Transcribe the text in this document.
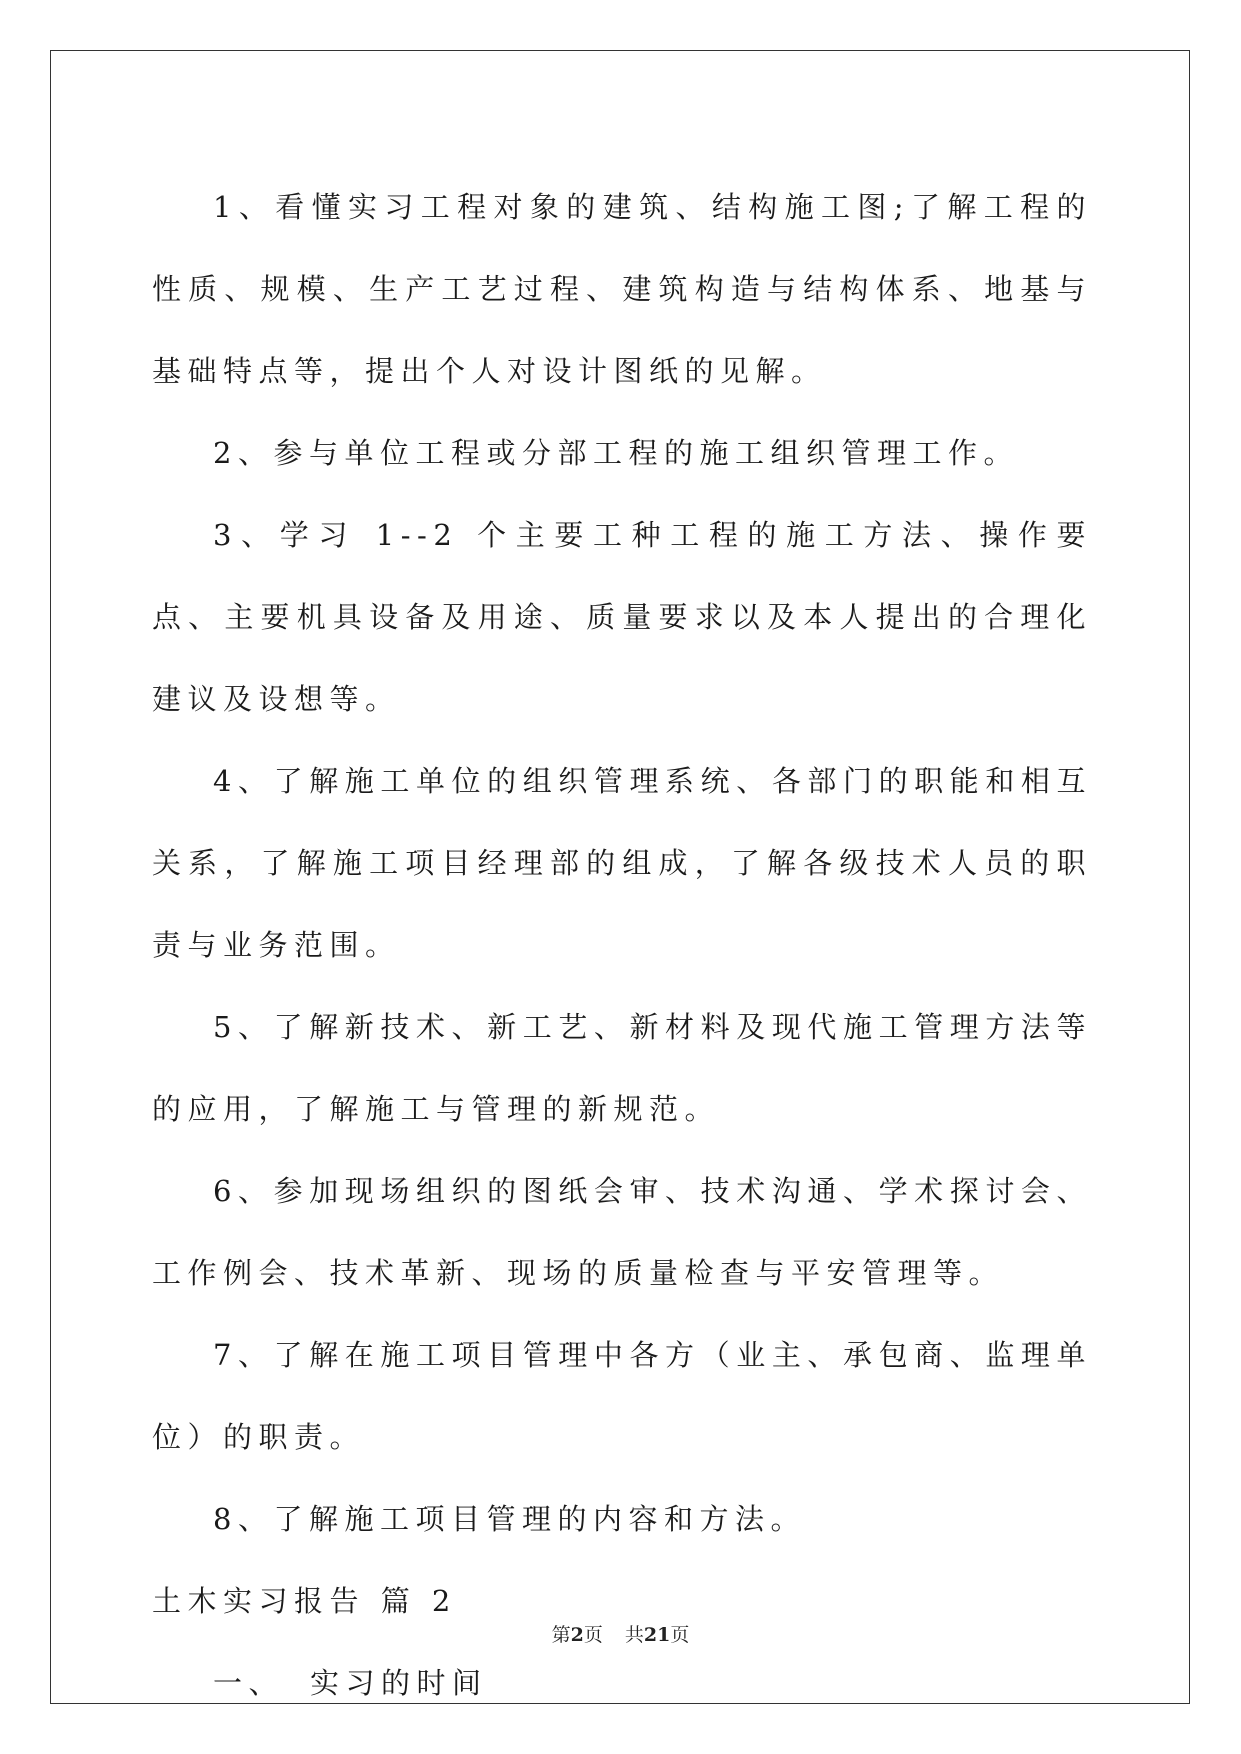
1、看懂实习工程对象的建筑、结构施工图;了解工程的性质、规模、生产工艺过程、建筑构造与结构体系、地基与基础特点等，提出个人对设计图纸的见解。

2、参与单位工程或分部工程的施工组织管理工作。

3、学习 1--2 个主要工种工程的施工方法、操作要点、主要机具设备及用途、质量要求以及本人提出的合理化建议及设想等。

4、了解施工单位的组织管理系统、各部门的职能和相互关系，了解施工项目经理部的组成，了解各级技术人员的职责与业务范围。

5、了解新技术、新工艺、新材料及现代施工管理方法等的应用，了解施工与管理的新规范。

6、参加现场组织的图纸会审、技术沟通、学术探讨会、工作例会、技术革新、现场的质量检查与平安管理等。

7、了解在施工项目管理中各方（业主、承包商、监理单位）的职责。

8、了解施工项目管理的内容和方法。

土木实习报告 篇 2

一、 实习的时间

第2页 共21页
